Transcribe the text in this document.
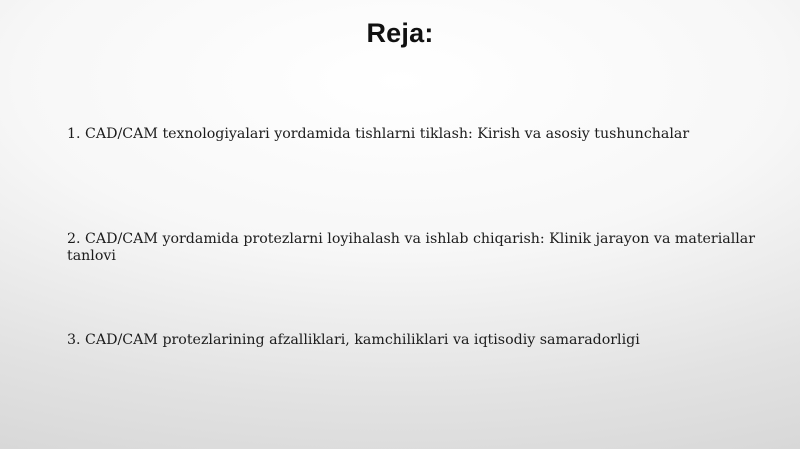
Reja:

1. CAD/CAM texnologiyalari yordamida tishlarni tiklash: Kirish va asosiy tushunchalar

2. CAD/CAM yordamida protezlarni loyihalash va ishlab chiqarish: Klinik jarayon va materiallar tanlovi

3. CAD/CAM protezlarining afzalliklari, kamchiliklari va iqtisodiy samaradorligi
